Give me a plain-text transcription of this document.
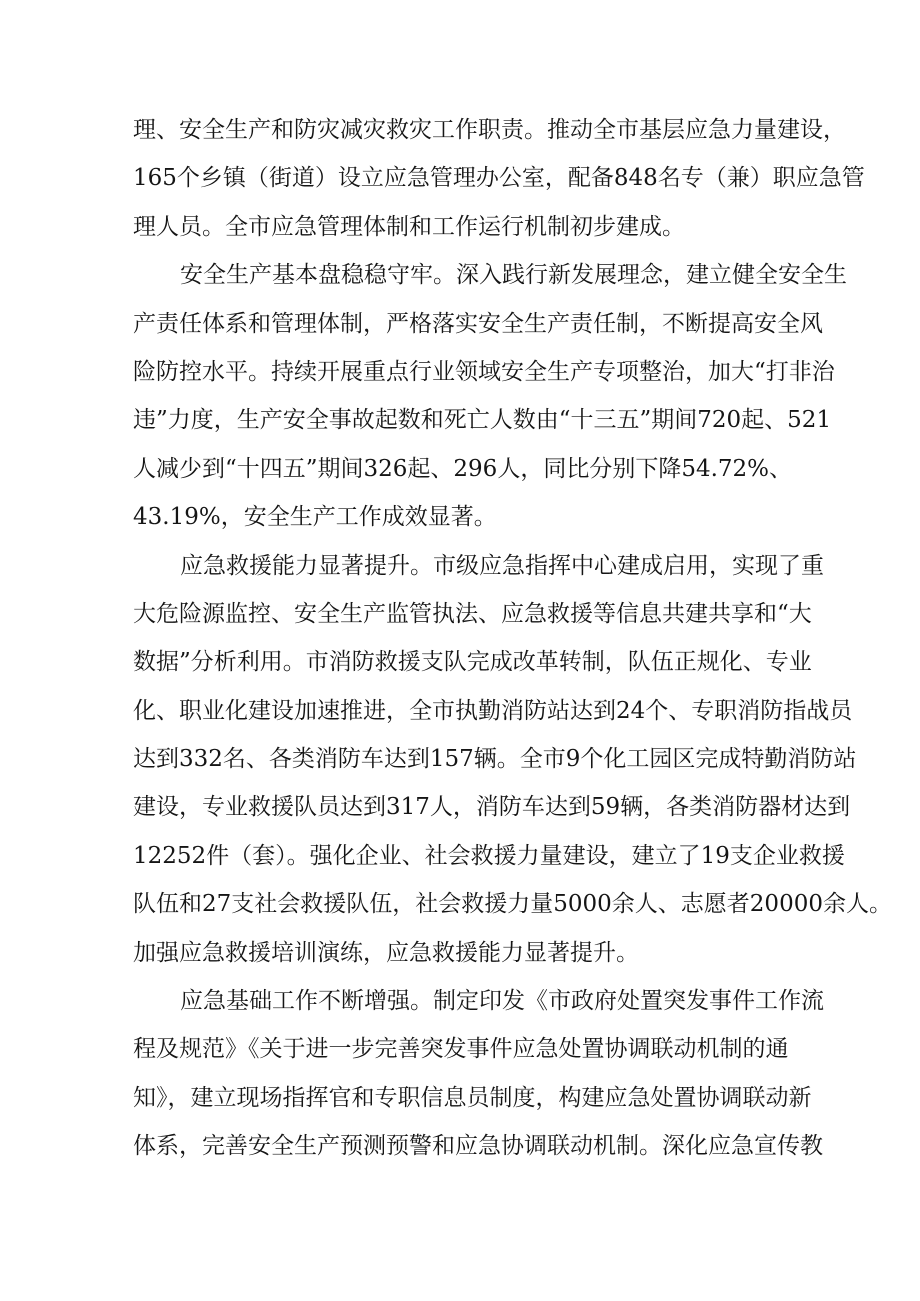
理、安全生产和防灾减灾救灾工作职责。推动全市基层应急力量建设，
165个乡镇（街道）设立应急管理办公室，配备848名专（兼）职应急管
理人员。全市应急管理体制和工作运行机制初步建成。
安全生产基本盘稳稳守牢。深入践行新发展理念，建立健全安全生
产责任体系和管理体制，严格落实安全生产责任制，不断提高安全风
险防控水平。持续开展重点行业领域安全生产专项整治，加大“打非治
违”力度，生产安全事故起数和死亡人数由“十三五”期间720起、521
人减少到“十四五”期间326起、296人，同比分别下降54.72%、
43.19%，安全生产工作成效显著。
应急救援能力显著提升。市级应急指挥中心建成启用，实现了重
大危险源监控、安全生产监管执法、应急救援等信息共建共享和“大
数据”分析利用。市消防救援支队完成改革转制，队伍正规化、专业
化、职业化建设加速推进，全市执勤消防站达到24个、专职消防指战员
达到332名、各类消防车达到157辆。全市9个化工园区完成特勤消防站
建设，专业救援队员达到317人，消防车达到59辆，各类消防器材达到
12252件（套）。强化企业、社会救援力量建设，建立了19支企业救援
队伍和27支社会救援队伍，社会救援力量5000余人、志愿者20000余人。
加强应急救援培训演练，应急救援能力显著提升。
应急基础工作不断增强。制定印发《市政府处置突发事件工作流
程及规范》《关于进一步完善突发事件应急处置协调联动机制的通
知》，建立现场指挥官和专职信息员制度，构建应急处置协调联动新
体系，完善安全生产预测预警和应急协调联动机制。深化应急宣传教
